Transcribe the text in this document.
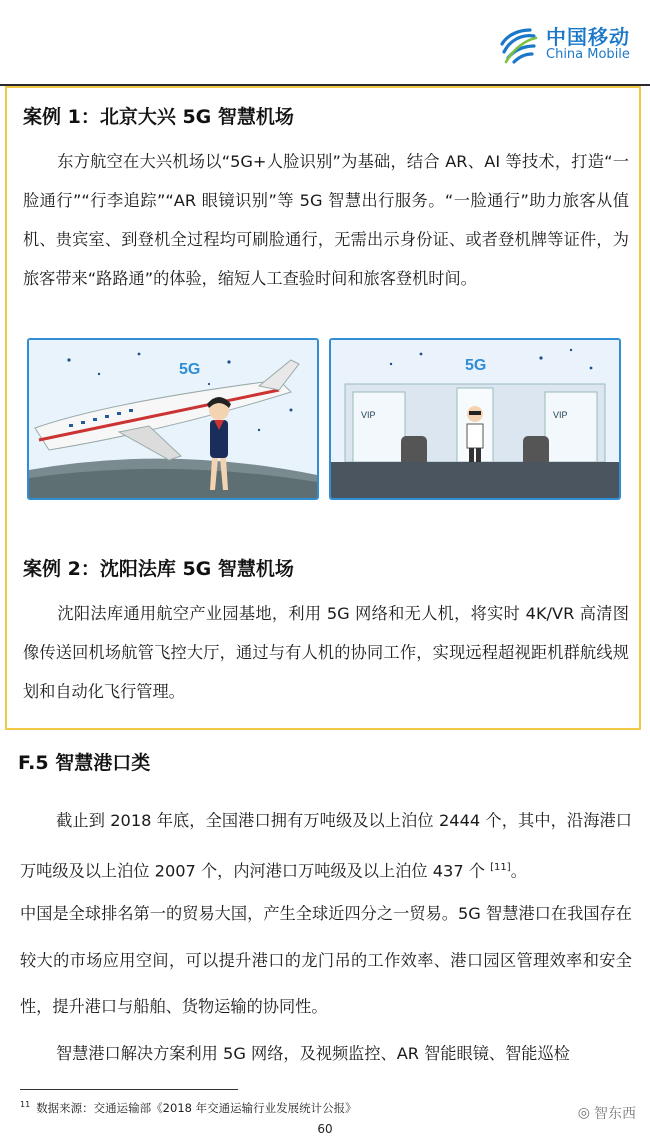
中国移动
China Mobile
案例 1：北京大兴 5G 智慧机场

东方航空在大兴机场以“5G+人脸识别”为基础，结合 AR、AI 等技术，打造“一脸通行”“行李追踪”“AR 眼镜识别”等 5G 智慧出行服务。“一脸通行”助力旅客从值机、贵宾室、到登机全过程均可刷脸通行，无需出示身份证、或者登机牌等证件，为旅客带来“路路通”的体验，缩短人工查验时间和旅客登机时间。

5G	5G
VIP	VIP
案例 2：沈阳法库 5G 智慧机场

沈阳法库通用航空产业园基地，利用 5G 网络和无人机，将实时 4K/VR 高清图像传送回机场航管飞控大厅，通过与有人机的协同工作，实现远程超视距机群航线规划和自动化飞行管理。

F.5 智慧港口类

截止到 2018 年底，全国港口拥有万吨级及以上泊位 2444 个，其中，沿海港口万吨级及以上泊位 2007 个，内河港口万吨级及以上泊位 437 个 [11]。

中国是全球排名第一的贸易大国，产生全球近四分之一贸易。5G 智慧港口在我国存在较大的市场应用空间，可以提升港口的龙门吊的工作效率、港口园区管理效率和安全性，提升港口与船舶、货物运输的协同性。

智慧港口解决方案利用 5G 网络，及视频监控、AR 智能眼镜、智能巡检

$^{11}$ 数据来源：交通运输部《2018 年交通运输行业发展统计公报》	◎ 智东西
60
